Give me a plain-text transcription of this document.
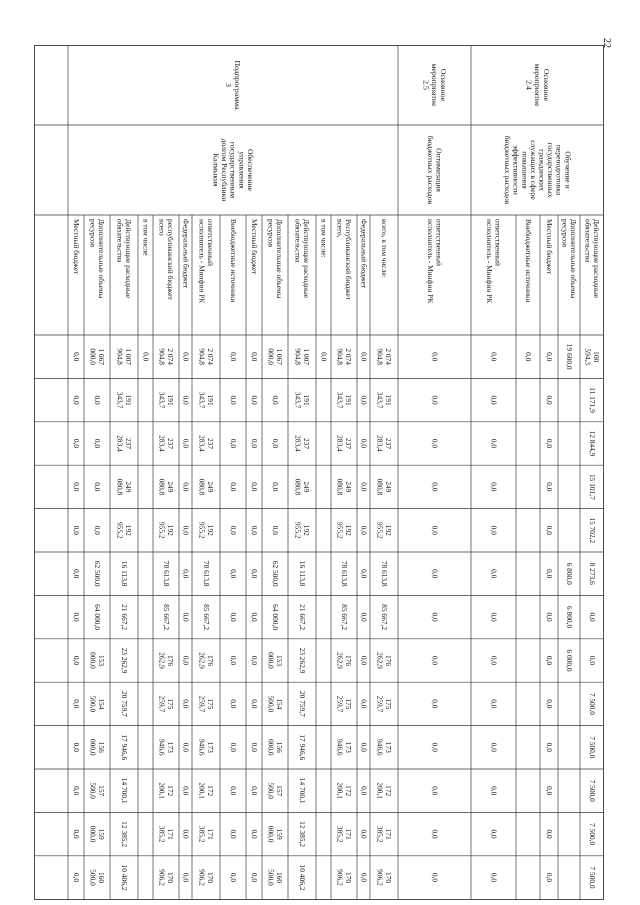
22
Действующие расходныеобязательства
100594,3
11 171,9
12 844,9
15 101,7
15 702,2
8 273,6
0,0
0,0
7 500,0
7 500,0
7 500,0
7 500,0
7 500,0
Дополнительные объемыресурсов
19 600,0
6 800,0
6 800,0
6 000,0
Местный бюджет
0,0
0,0
0,0
0,0
0,0
0,0
0,0
0,0
0,0
0,0
0,0
0,0
0,0
Внебюджетные источники
0,0
ответственныйисполнитель - Минфин РК
0,0
0,0
0,0
0,0
0,0
0,0
0,0
0,0
0,0
0,0
0,0
0,0
0,0
ответственныйисполнитель - Минфин РК
0,0
0,0
0,0
0,0
0,0
0,0
0,0
0,0
0,0
0,0
0,0
0,0
0,0
всего, в том числе:
2 074904,8
191343,7
237283,4
249080,8
192955,2
78 613,8
85 667,2
176262,9
175259,7
173946,6
172200,1
171385,2
170906,2
Федеральный бюджет
0,0
0,0
0,0
0,0
0,0
0,0
0,0
0,0
0,0
0,0
0,0
0,0
0,0
Республиканский бюджетвсего,
2 074904,8
191343,7
237283,4
249080,8
192955,2
78 613,8
85 667,2
176262,9
175259,7
173946,6
172200,1
171385,2
170906,2
в том числе:
0,0
Действующие расходныеобязательства
1 007904,8
191343,7
237283,4
249080,8
192955,2
16 113,8
21 667,2
23 262,9
20 759,7
17 946,6
14 700,1
12 385,2
10 406,2
Дополнительные объемыресурсов
1 067000,0
0,0
0,0
0,0
0,0
62 500,0
64 000,0
153000,0
154500,0
156000,0
157500,0
159000,0
160500,0
Местный бюджет
0,0
0,0
0,0
0,0
0,0
0,0
0,0
0,0
0,0
0,0
0,0
0,0
0,0
Внебюджетные источники
0,0
0,0
0,0
0,0
0,0
0,0
0,0
0,0
0,0
0,0
0,0
0,0
0,0
ответственныйисполнитель - Минфин РК
2 074904,8
191343,7
237283,4
249080,8
192955,2
78 613,8
85 667,2
176262,9
175259,7
173946,6
172200,1
171385,2
170906,2
Федеральный бюджет
0,0
0,0
0,0
0,0
0,0
0,0
0,0
0,0
0,0
0,0
0,0
0,0
0,0
республиканский бюджетвсего
2 074904,8
191343,7
237283,4
249080,8
192955,2
78 613,8
85 667,2
176262,9
175259,7
173946,6
172200,1
171385,2
170906,2
в том числе
0,0
Действующие расходныеобязательства
1 007904,8
191343,7
237283,4
249080,8
192955,2
16 113,8
21 667,2
23 262,9
20 759,7
17 946,6
14 700,1
12 385,2
10 406,2
Дополнительные объемыресурсов
1 067000,0
0,0
0,0
0,0
0,0
62 500,0
64 000,0
153000,0
154500,0
156000,0
157500,0
159000,0
160500,0
Местный бюджет
0,0
0,0
0,0
0,0
0,0
0,0
0,0
0,0
0,0
0,0
0,0
0,0
0,0
Основноемероприятие2.4
Обучение ипереподготовкагосударственныхгражданскихслужащих в сфереповышенияэффективностибюджетных расходов
Основноемероприятие2.5
Оптимизациябюджетных расходов
Подпрограмма3
Обеспечениеуправлениягосударственнымдолгом РеспубликиКалмыкия
